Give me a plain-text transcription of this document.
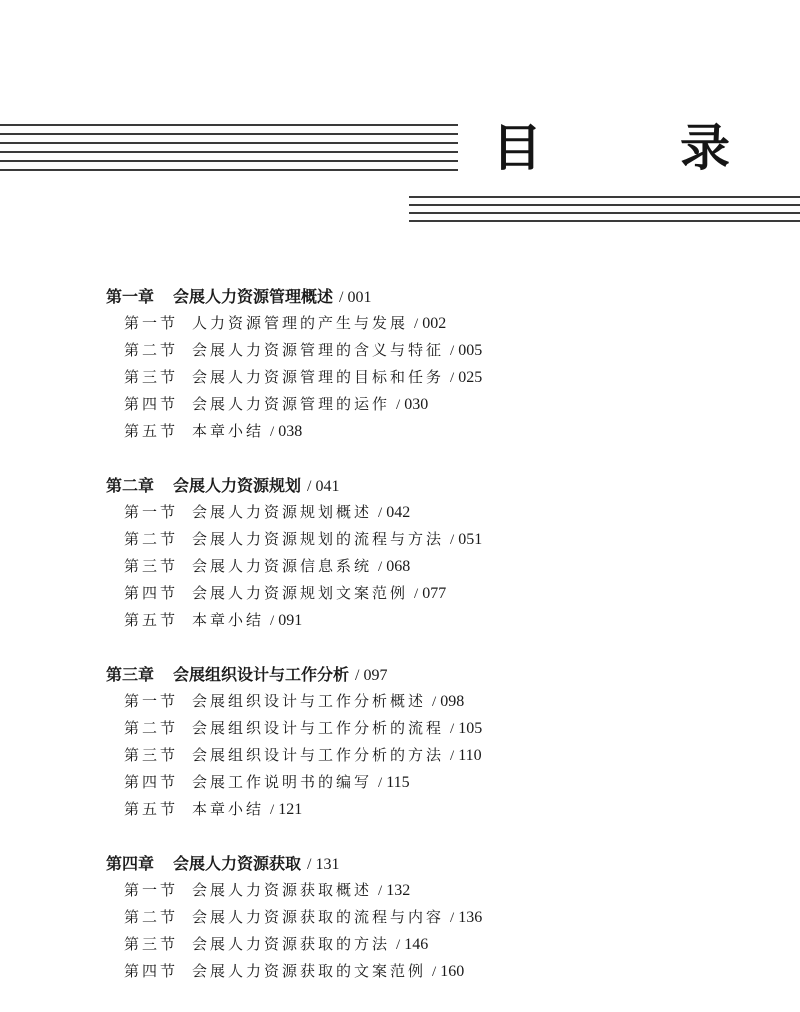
目　录
第一章 会展人力资源管理概述 / 001
第一节 人力资源管理的产生与发展 / 002
第二节 会展人力资源管理的含义与特征 / 005
第三节 会展人力资源管理的目标和任务 / 025
第四节 会展人力资源管理的运作 / 030
第五节 本章小结 / 038
第二章 会展人力资源规划 / 041
第一节 会展人力资源规划概述 / 042
第二节 会展人力资源规划的流程与方法 / 051
第三节 会展人力资源信息系统 / 068
第四节 会展人力资源规划文案范例 / 077
第五节 本章小结 / 091
第三章 会展组织设计与工作分析 / 097
第一节 会展组织设计与工作分析概述 / 098
第二节 会展组织设计与工作分析的流程 / 105
第三节 会展组织设计与工作分析的方法 / 110
第四节 会展工作说明书的编写 / 115
第五节 本章小结 / 121
第四章 会展人力资源获取 / 131
第一节 会展人力资源获取概述 / 132
第二节 会展人力资源获取的流程与内容 / 136
第三节 会展人力资源获取的方法 / 146
第四节 会展人力资源获取的文案范例 / 160
